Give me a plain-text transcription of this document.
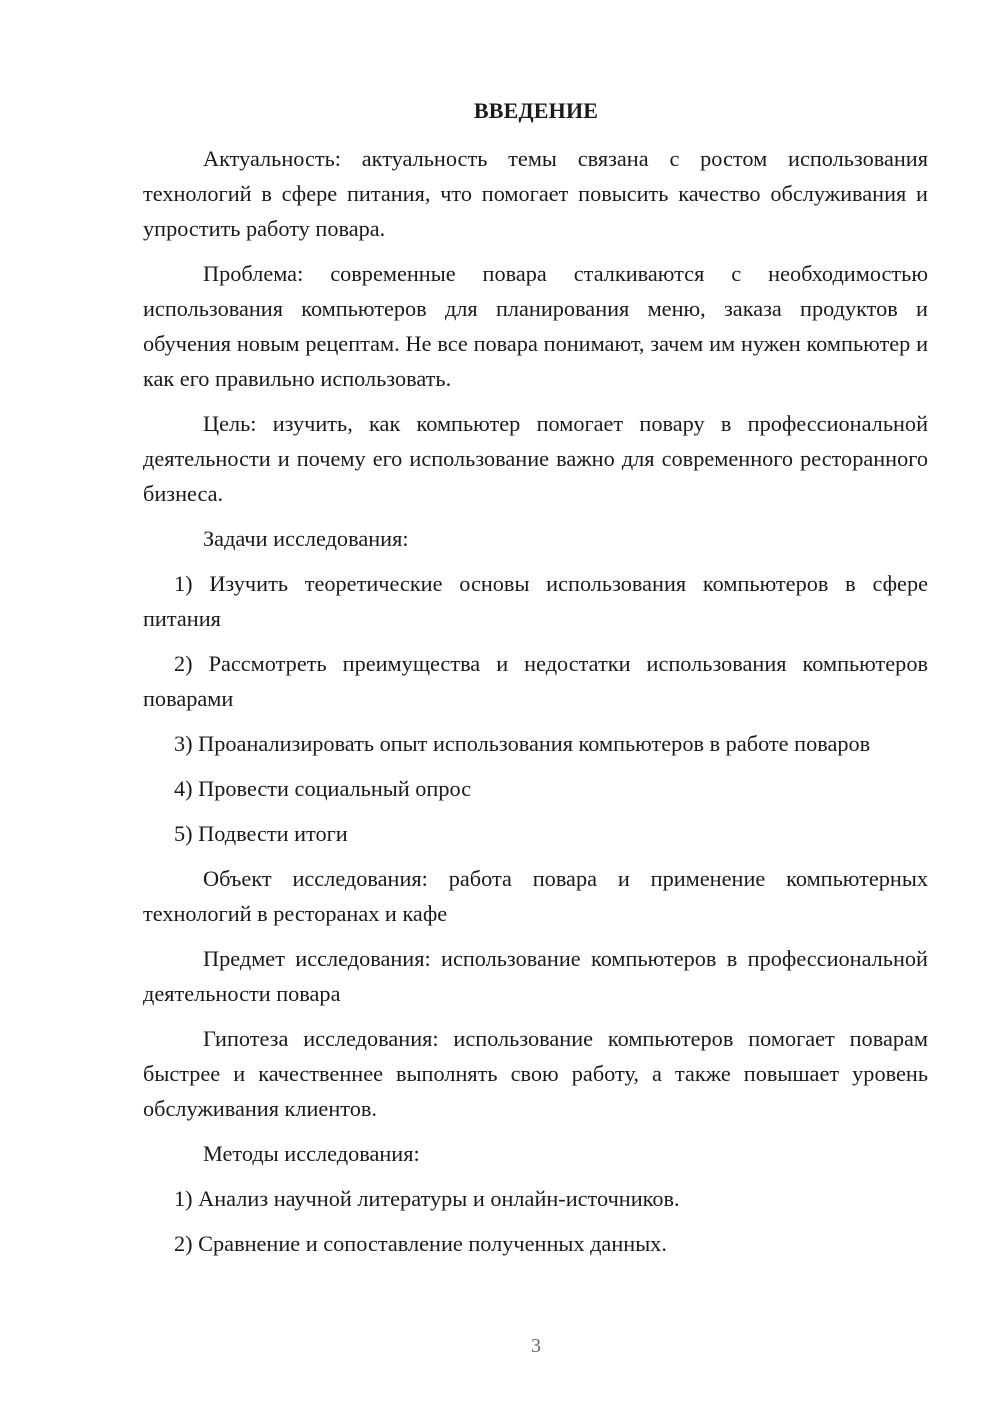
ВВЕДЕНИЕ

Актуальность: актуальность темы связана с ростом использования технологий в сфере питания, что помогает повысить качество обслуживания и упростить работу повара.

Проблема: современные повара сталкиваются с необходимостью использования компьютеров для планирования меню, заказа продуктов и обучения новым рецептам. Не все повара понимают, зачем им нужен компьютер и как его правильно использовать.

Цель: изучить, как компьютер помогает повару в профессиональной деятельности и почему его использование важно для современного ресторанного бизнеса.

Задачи исследования:

1) Изучить теоретические основы использования компьютеров в сфере питания

2) Рассмотреть преимущества и недостатки использования компьютеров поварами

3) Проанализировать опыт использования компьютеров в работе поваров

4) Провести социальный опрос

5) Подвести итоги

Объект исследования: работа повара и применение компьютерных технологий в ресторанах и кафе

Предмет исследования: использование компьютеров в профессиональной деятельности повара

Гипотеза исследования: использование компьютеров помогает поварам быстрее и качественнее выполнять свою работу, а также повышает уровень обслуживания клиентов.

Методы исследования:

1) Анализ научной литературы и онлайн-источников.

2) Сравнение и сопоставление полученных данных.

3
